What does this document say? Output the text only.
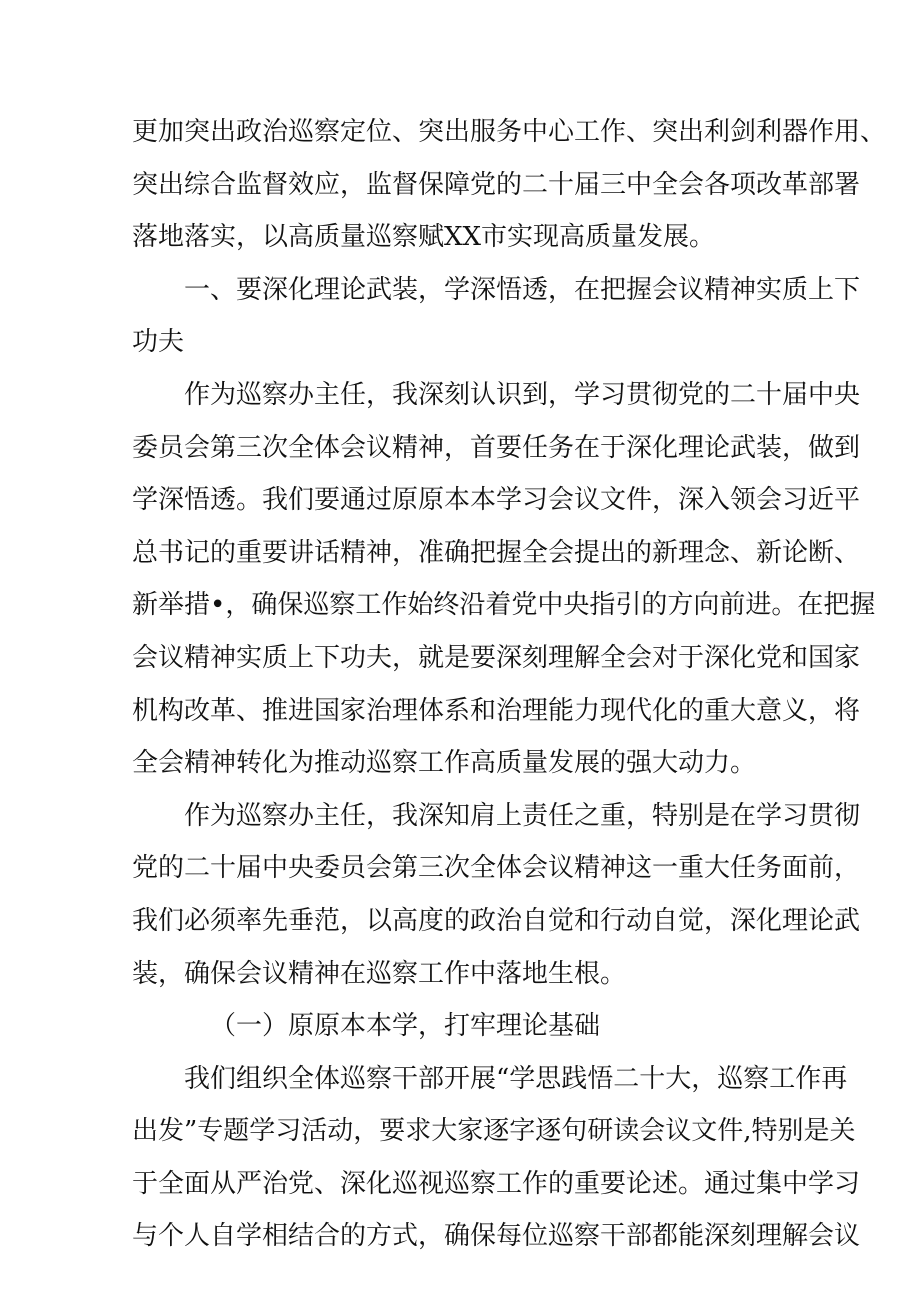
更加突出政治巡察定位、突出服务中心工作、突出利剑利器作用、
突出综合监督效应，监督保障党的二十届三中全会各项改革部署
落地落实，以高质量巡察赋XX市实现高质量发展。
一、要深化理论武装，学深悟透，在把握会议精神实质上下
功夫
作为巡察办主任，我深刻认识到，学习贯彻党的二十届中央
委员会第三次全体会议精神，首要任务在于深化理论武装，做到
学深悟透。我们要通过原原本本学习会议文件，深入领会习近平
总书记的重要讲话精神，准确把握全会提出的新理念、新论断、
新举措•，确保巡察工作始终沿着党中央指引的方向前进。在把握
会议精神实质上下功夫，就是要深刻理解全会对于深化党和国家
机构改革、推进国家治理体系和治理能力现代化的重大意义，将
全会精神转化为推动巡察工作高质量发展的强大动力。
作为巡察办主任，我深知肩上责任之重，特别是在学习贯彻
党的二十届中央委员会第三次全体会议精神这一重大任务面前，
我们必须率先垂范，以高度的政治自觉和行动自觉，深化理论武
装，确保会议精神在巡察工作中落地生根。
（一）原原本本学，打牢理论基础
我们组织全体巡察干部开展“学思践悟二十大，巡察工作再
出发”专题学习活动，要求大家逐字逐句研读会议文件,特别是关
于全面从严治党、深化巡视巡察工作的重要论述。通过集中学习
与个人自学相结合的方式，确保每位巡察干部都能深刻理解会议
